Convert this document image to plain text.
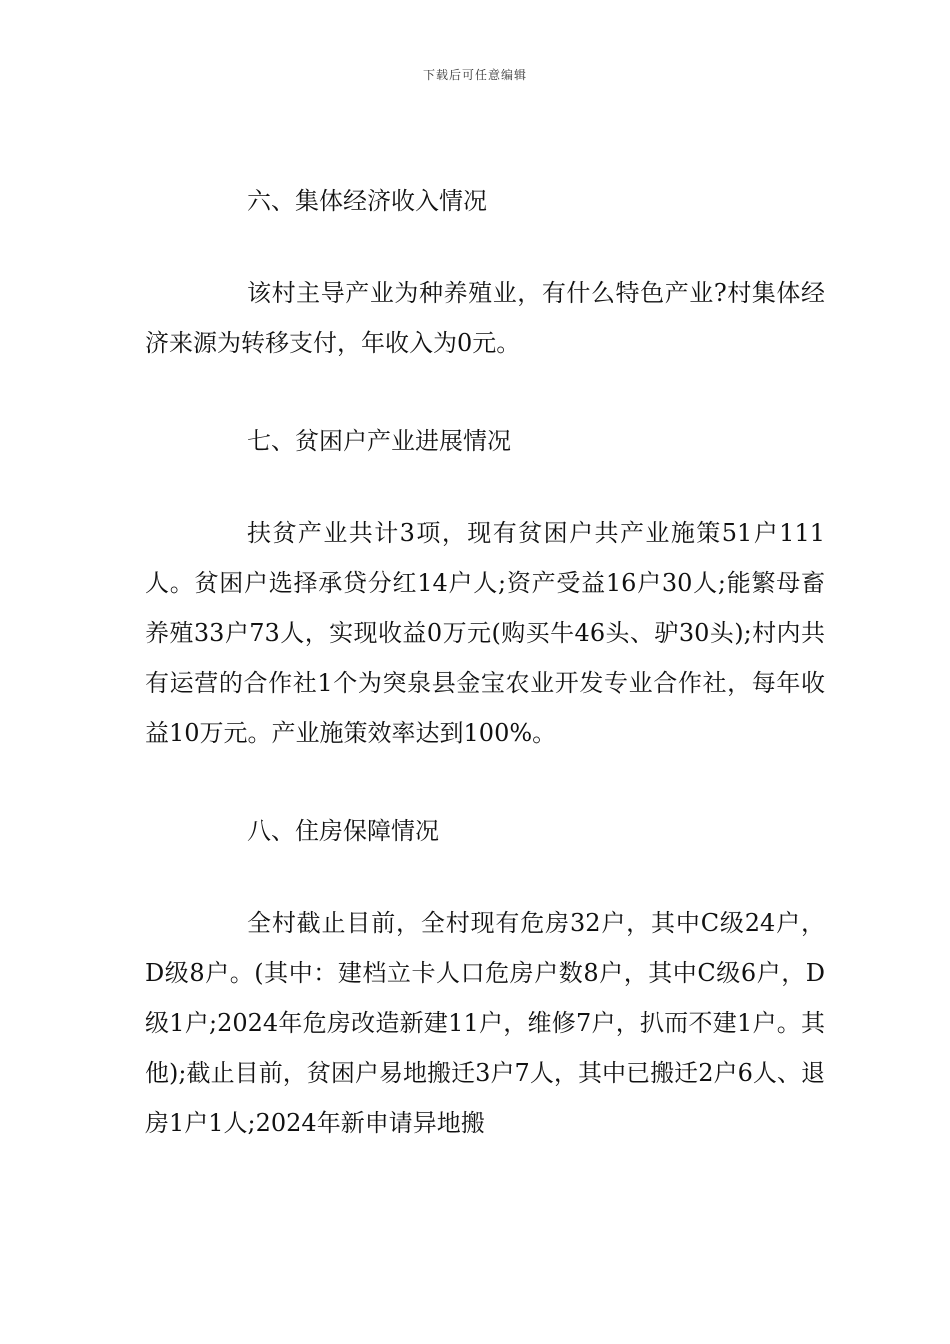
下载后可任意编辑
六、集体经济收入情况

该村主导产业为种养殖业，有什么特色产业?村集体经济来源为转移支付，年收入为0元。

七、贫困户产业进展情况

扶贫产业共计3项，现有贫困户共产业施策51户111人。贫困户选择承贷分红14户人;资产受益16户30人;能繁母畜养殖33户73人，实现收益0万元(购买牛46头、驴30头);村内共有运营的合作社1个为突泉县金宝农业开发专业合作社，每年收益10万元。产业施策效率达到100%。

八、住房保障情况

全村截止目前，全村现有危房32户，其中C级24户，D级8户。(其中：建档立卡人口危房户数8户，其中C级6户，D级1户;2024年危房改造新建11户，维修7户，扒而不建1户。其他);截止目前，贫困户易地搬迁3户7人，其中已搬迁2户6人、退房1户1人;2024年新申请异地搬
